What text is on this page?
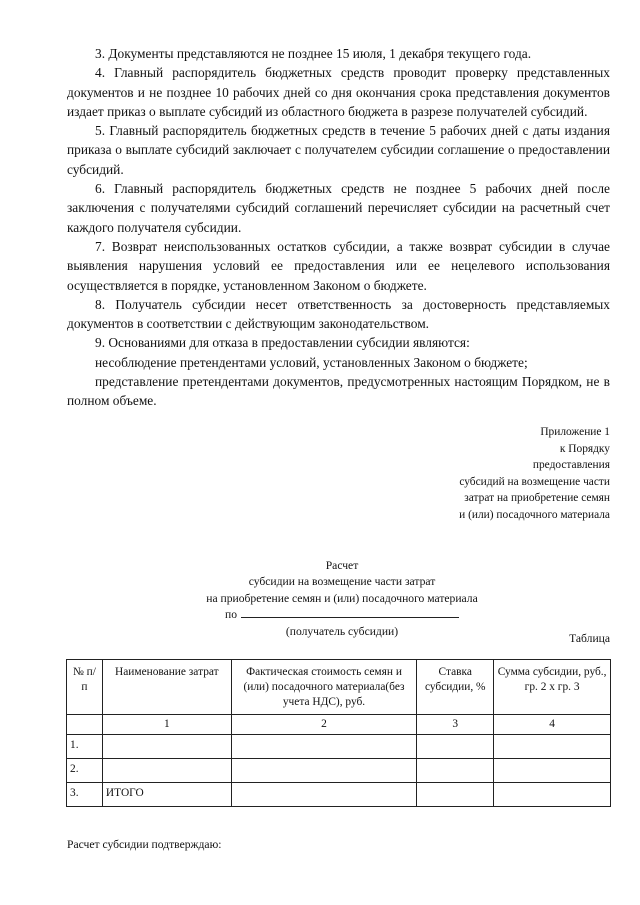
3. Документы представляются не позднее 15 июля, 1 декабря текущего года.

4. Главный распорядитель бюджетных средств проводит проверку представленных документов и не позднее 10 рабочих дней со дня окончания срока представления документов издает приказ о выплате субсидий из областного бюджета в разрезе получателей субсидий.

5. Главный распорядитель бюджетных средств в течение 5 рабочих дней с даты издания приказа о выплате субсидий заключает с получателем субсидии соглашение о предоставлении субсидий.

6. Главный распорядитель бюджетных средств не позднее 5 рабочих дней после заключения с получателями субсидий соглашений перечисляет субсидии на расчетный счет каждого получателя субсидии.

7. Возврат неиспользованных остатков субсидии, а также возврат субсидии в случае выявления нарушения условий ее предоставления или ее нецелевого использования осуществляется в порядке, установленном Законом о бюджете.

8. Получатель субсидии несет ответственность за достоверность представляемых документов в соответствии с действующим законодательством.

9. Основаниями для отказа в предоставлении субсидии являются:

несоблюдение претендентами условий, установленных Законом о бюджете;

представление претендентами документов, предусмотренных настоящим Порядком, не в полном объеме.

Приложение 1
к Порядку
предоставления
субсидий на возмещение части
затрат на приобретение семян
и (или) посадочного материала
Расчет
субсидии на возмещение части затрат
на приобретение семян и (или) посадочного материала
по
(получатель субсидии)
Таблица
№ п/п	Наименование затрат	Фактическая стоимость семян и (или) посадочного материала(без учета НДС), руб.	Ставка субсидии, %	Сумма субсидии, руб., гр. 2 х гр. 3
	1	2	3	4
1.				
2.				
3.	ИТОГО			
Расчет субсидии подтверждаю:
